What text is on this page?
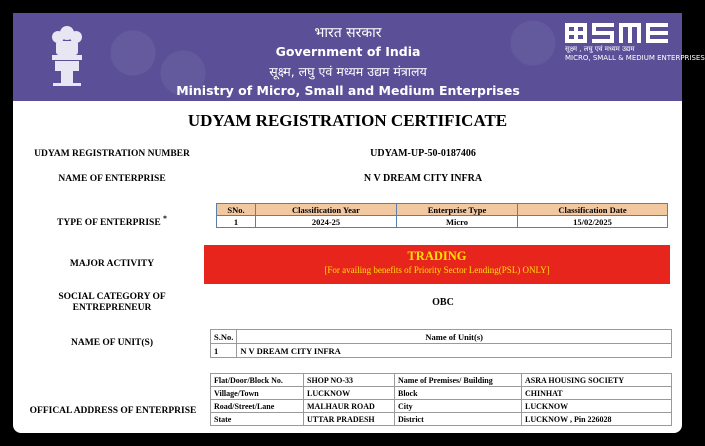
भारत सरकार
Government of India
सूक्ष्म, लघु एवं मध्यम उद्यम मंत्रालय
Ministry of Micro, Small and Medium Enterprises
सूक्ष्म , लघु एवं मध्यम उद्यम
MICRO, SMALL & MEDIUM ENTERPRISES
UDYAM REGISTRATION CERTIFICATE
UDYAM REGISTRATION NUMBER	UDYAM-UP-50-0187406
NAME OF ENTERPRISE	N V DREAM CITY INFRA
TYPE OF ENTERPRISE *
SNo.	Classification Year	Enterprise Type	Classification Date
1	2024-25	Micro	15/02/2025
MAJOR ACTIVITY
TRADING
[For availing benefits of Priority Sector Lending(PSL) ONLY]
SOCIAL CATEGORY OF
ENTREPRENEUR	OBC
NAME OF UNIT(S)
S.No.	Name of Unit(s)
1	N V DREAM CITY INFRA
OFFICAL ADDRESS OF ENTERPRISE
Flat/Door/Block No.	SHOP NO-33	Name of Premises/ Building	ASRA HOUSING SOCIETY
Village/Town	LUCKNOW	Block	CHINHAT
Road/Street/Lane	MALHAUR ROAD	City	LUCKNOW
State	UTTAR PRADESH	District	LUCKNOW , Pin 226028
